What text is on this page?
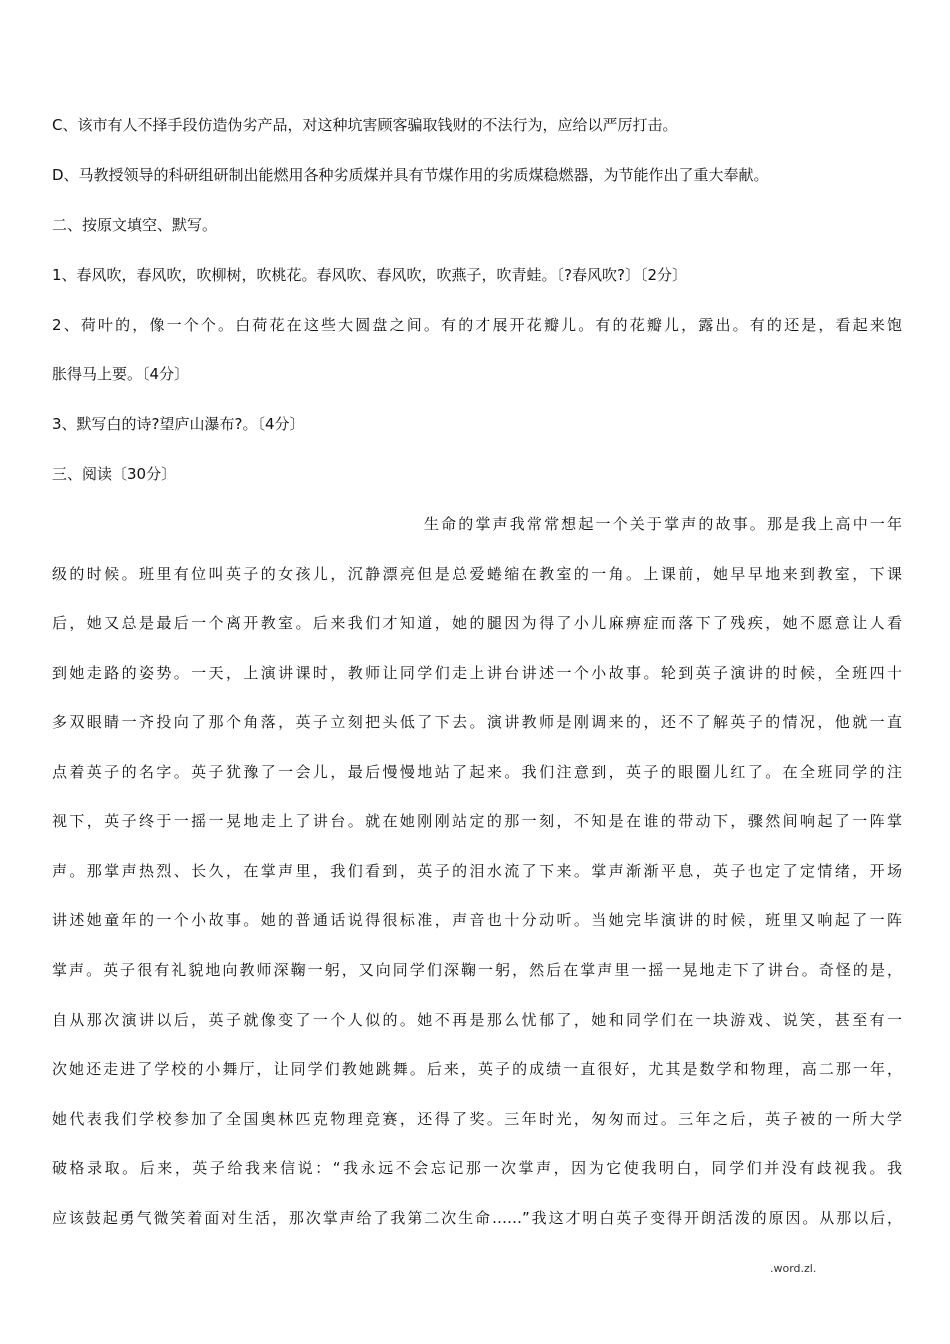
C、该市有人不择手段仿造伪劣产品，对这种坑害顾客骗取钱财的不法行为，应给以严厉打击。
D、马教授领导的科研组研制出能燃用各种劣质煤并具有节煤作用的劣质煤稳燃器，为节能作出了重大奉献。
二、按原文填空、默写。
1、春风吹，春风吹，吹柳树，吹桃花。春风吹、春风吹，吹燕子，吹青蛙。〔?春风吹?〕〔2分〕
2、荷叶的，像一个个。白荷花在这些大圆盘之间。有的才展开花瓣儿。有的花瓣儿，露出。有的还是，看起来饱
胀得马上要。〔4分〕
3、默写白的诗?望庐山瀑布?。〔4分〕
三、阅读〔30分〕
生命的掌声我常常想起一个关于掌声的故事。那是我上高中一年
级的时候。班里有位叫英子的女孩儿，沉静漂亮但是总爱蜷缩在教室的一角。上课前，她早早地来到教室，下课
后，她又总是最后一个离开教室。后来我们才知道，她的腿因为得了小儿麻痹症而落下了残疾，她不愿意让人看
到她走路的姿势。一天，上演讲课时，教师让同学们走上讲台讲述一个小故事。轮到英子演讲的时候，全班四十
多双眼睛一齐投向了那个角落，英子立刻把头低了下去。演讲教师是刚调来的，还不了解英子的情况，他就一直
点着英子的名字。英子犹豫了一会儿，最后慢慢地站了起来。我们注意到，英子的眼圈儿红了。在全班同学的注
视下，英子终于一摇一晃地走上了讲台。就在她刚刚站定的那一刻，不知是在谁的带动下，骤然间响起了一阵掌
声。那掌声热烈、长久，在掌声里，我们看到，英子的泪水流了下来。掌声渐渐平息，英子也定了定情绪，开场
讲述她童年的一个小故事。她的普通话说得很标准，声音也十分动听。当她完毕演讲的时候，班里又响起了一阵
掌声。英子很有礼貌地向教师深鞠一躬，又向同学们深鞠一躬，然后在掌声里一摇一晃地走下了讲台。奇怪的是，
自从那次演讲以后，英子就像变了一个人似的。她不再是那么忧郁了，她和同学们在一块游戏、说笑，甚至有一
次她还走进了学校的小舞厅，让同学们教她跳舞。后来，英子的成绩一直很好，尤其是数学和物理，高二那一年，
她代表我们学校参加了全国奥林匹克物理竞赛，还得了奖。三年时光，匆匆而过。三年之后，英子被的一所大学
破格录取。后来，英子给我来信说：“我永远不会忘记那一次掌声，因为它使我明白，同学们并没有歧视我。我
应该鼓起勇气微笑着面对生活，那次掌声给了我第二次生命……”我这才明白英子变得开朗活泼的原因。从那以后，
.word.zl.
